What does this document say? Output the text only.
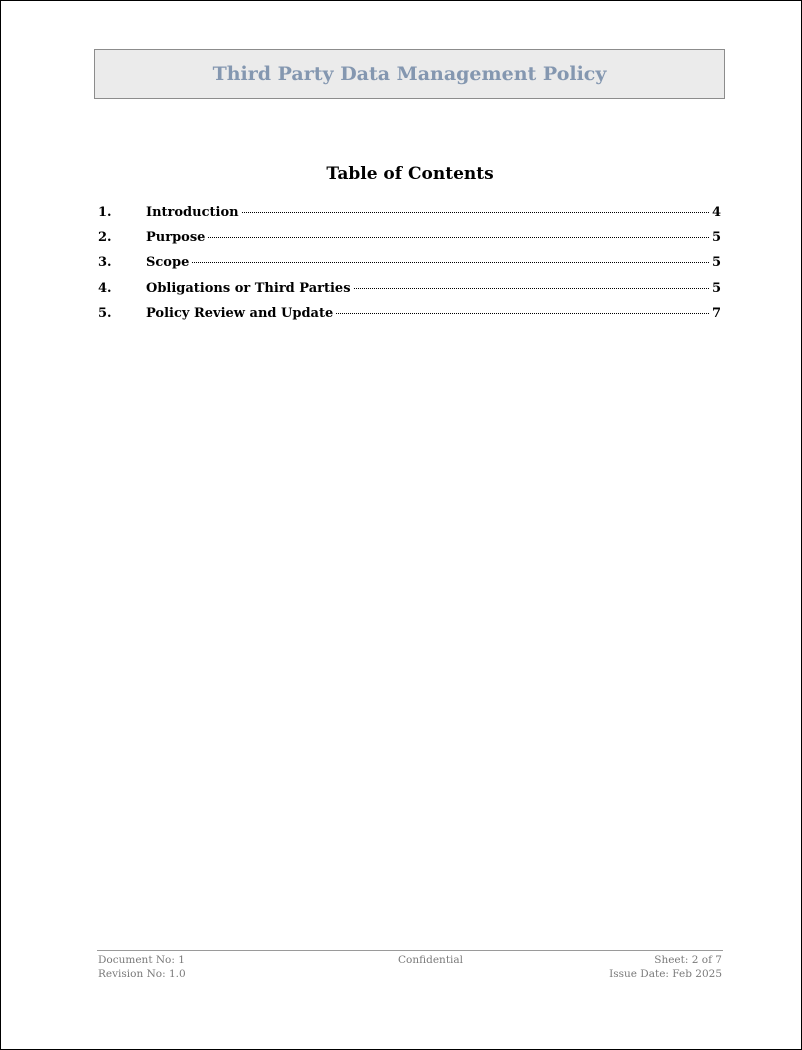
Third Party Data Management Policy
Table of Contents
1.	Introduction	4
2.	Purpose	5
3.	Scope	5
4.	Obligations or Third Parties	5
5.	Policy Review and Update	7
Document No: 1
Revision No: 1.0
Confidential	Sheet: 2 of 7
Issue Date: Feb 2025
